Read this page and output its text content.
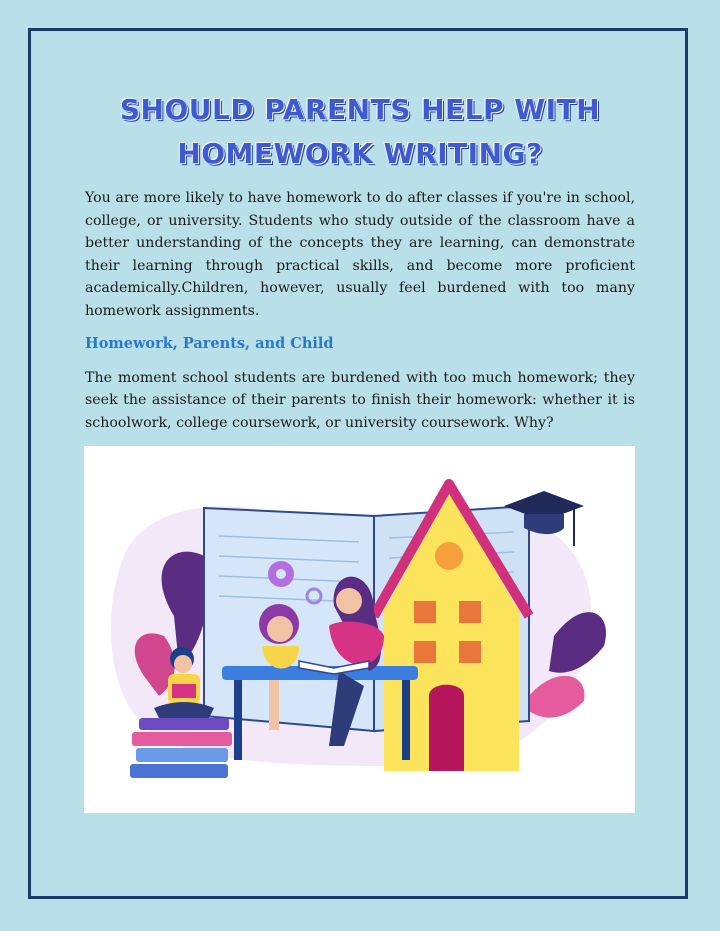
SHOULD PARENTS HELP WITH
HOMEWORK WRITING?

You are more likely to have homework to do after classes if you're in school, college, or university. Students who study outside of the classroom have a better understanding of the concepts they are learning, can demonstrate their learning through practical skills, and become more proficient academically.Children, however, usually feel burdened with too many homework assignments.

Homework, Parents, and Child

The moment school students are burdened with too much homework; they seek the assistance of their parents to finish their homework: whether it is schoolwork, college coursework, or university coursework. Why?
